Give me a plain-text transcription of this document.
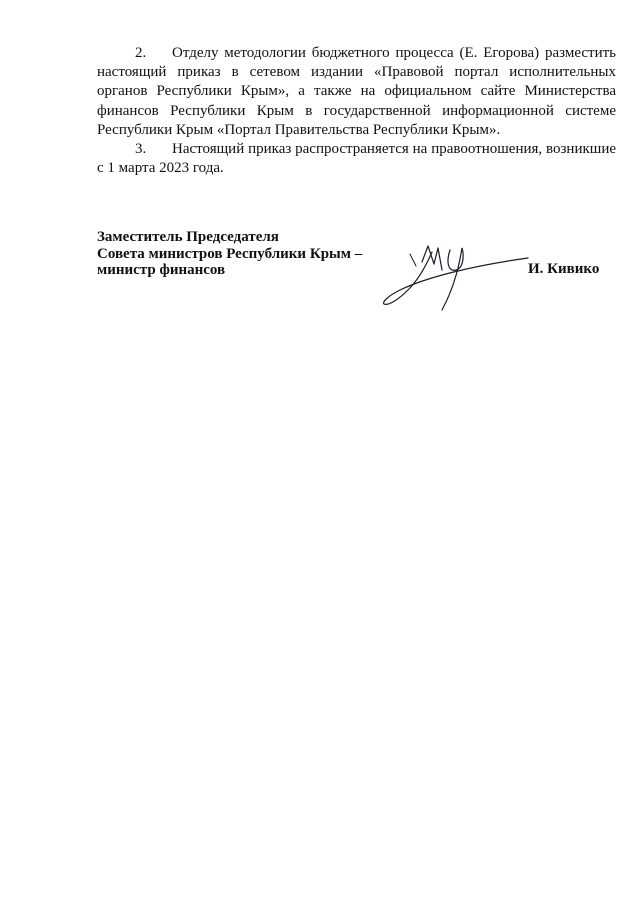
2. Отделу методологии бюджетного процесса (Е. Егорова) разместить настоящий приказ в сетевом издании «Правовой портал исполнительных органов Республики Крым», а также на официальном сайте Министерства финансов Республики Крым в государственной информационной системе Республики Крым «Портал Правительства Республики Крым».

3. Настоящий приказ распространяется на правоотношения, возникшие с 1 марта 2023 года.

Заместитель Председателя
Совета министров Республики Крым –
министр финансов	И. Кивико
